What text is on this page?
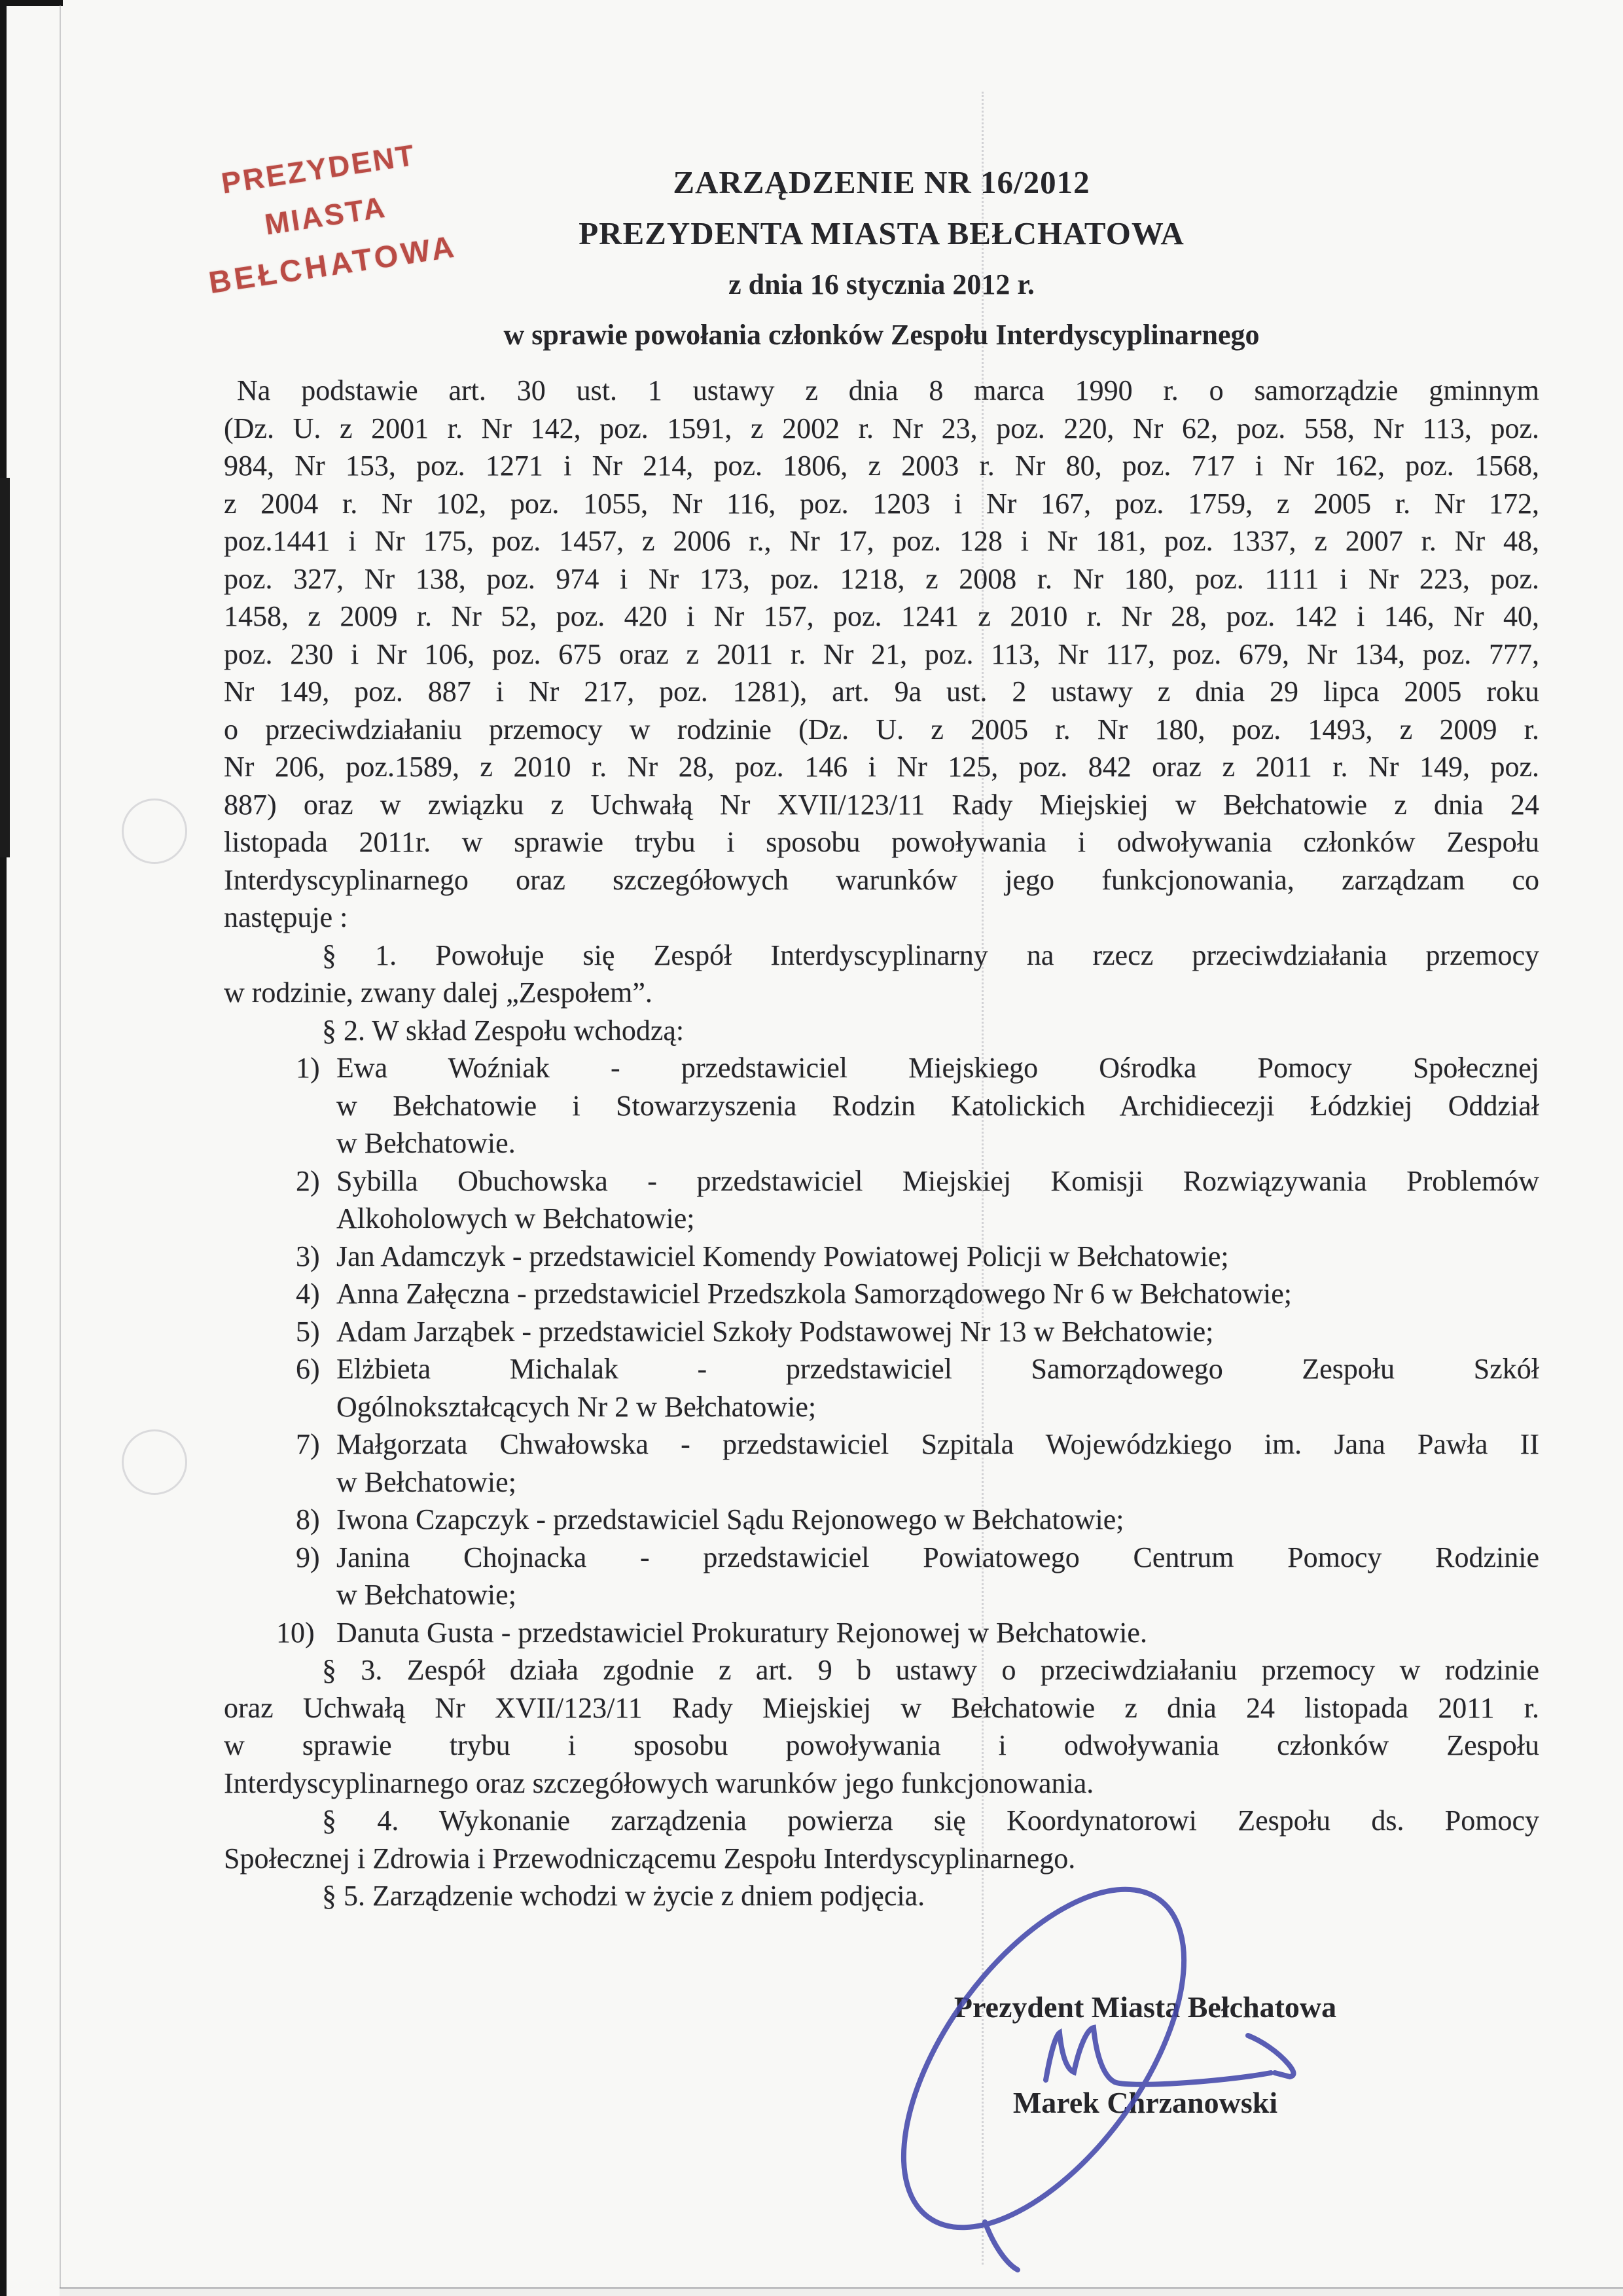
PREZYDENT MIASTA
BEŁCHATOWA
ZARZĄDZENIE NR 16/2012
PREZYDENTA MIASTA BEŁCHATOWA
z dnia 16 stycznia 2012 r.
w sprawie powołania członków Zespołu Interdyscyplinarnego
Na podstawie art. 30 ust. 1 ustawy z dnia 8 marca 1990 r. o samorządzie gminnym
(Dz. U. z 2001 r. Nr 142, poz. 1591, z 2002 r. Nr 23, poz. 220, Nr 62, poz. 558, Nr 113, poz.
984, Nr 153, poz. 1271 i Nr 214, poz. 1806, z 2003 r. Nr 80, poz. 717 i Nr 162, poz. 1568,
z 2004 r. Nr 102, poz. 1055, Nr 116, poz. 1203 i Nr 167, poz. 1759, z 2005 r. Nr 172,
poz.1441 i Nr 175, poz. 1457, z 2006 r., Nr 17, poz. 128 i Nr 181, poz. 1337, z 2007 r. Nr 48,
poz. 327, Nr 138, poz. 974 i Nr 173, poz. 1218, z 2008 r. Nr 180, poz. 1111 i Nr 223, poz.
1458, z 2009 r. Nr 52, poz. 420 i Nr 157, poz. 1241 z 2010 r. Nr 28, poz. 142 i 146, Nr 40,
poz. 230 i Nr 106, poz. 675 oraz z 2011 r. Nr 21, poz. 113, Nr 117, poz. 679, Nr 134, poz. 777,
Nr 149, poz. 887 i Nr 217, poz. 1281), art. 9a ust. 2 ustawy z dnia 29 lipca 2005 roku
o przeciwdziałaniu przemocy w rodzinie (Dz. U. z 2005 r. Nr 180, poz. 1493, z 2009 r.
Nr 206, poz.1589, z 2010 r. Nr 28, poz. 146 i Nr 125, poz. 842 oraz z 2011 r. Nr 149, poz.
887) oraz w związku z Uchwałą Nr XVII/123/11 Rady Miejskiej w Bełchatowie z dnia 24
listopada 2011r. w sprawie trybu i sposobu powoływania i odwoływania członków Zespołu
Interdyscyplinarnego oraz szczegółowych warunków jego funkcjonowania, zarządzam co
następuje :
§ 1. Powołuje się Zespół Interdyscyplinarny na rzecz przeciwdziałania przemocy
w rodzinie, zwany dalej „Zespołem”.
§ 2. W skład Zespołu wchodzą:
1) Ewa Woźniak - przedstawiciel Miejskiego Ośrodka Pomocy Społecznej
w Bełchatowie i Stowarzyszenia Rodzin Katolickich Archidiecezji Łódzkiej Oddział
w Bełchatowie.
2) Sybilla Obuchowska - przedstawiciel Miejskiej Komisji Rozwiązywania Problemów
Alkoholowych w Bełchatowie;
3) Jan Adamczyk - przedstawiciel Komendy Powiatowej Policji w Bełchatowie;
4) Anna Załęczna - przedstawiciel Przedszkola Samorządowego Nr 6 w Bełchatowie;
5) Adam Jarząbek - przedstawiciel Szkoły Podstawowej Nr 13 w Bełchatowie;
6) Elżbieta Michalak - przedstawiciel Samorządowego Zespołu Szkół
Ogólnokształcących Nr 2 w Bełchatowie;
7) Małgorzata Chwałowska - przedstawiciel Szpitala Wojewódzkiego im. Jana Pawła II
w Bełchatowie;
8) Iwona Czapczyk - przedstawiciel Sądu Rejonowego w Bełchatowie;
9) Janina Chojnacka - przedstawiciel Powiatowego Centrum Pomocy Rodzinie
w Bełchatowie;
10) Danuta Gusta - przedstawiciel Prokuratury Rejonowej w Bełchatowie.
§ 3. Zespół działa zgodnie z art. 9 b ustawy o przeciwdziałaniu przemocy w rodzinie
oraz Uchwałą Nr XVII/123/11 Rady Miejskiej w Bełchatowie z dnia 24 listopada 2011 r.
w sprawie trybu i sposobu powoływania i odwoływania członków Zespołu
Interdyscyplinarnego oraz szczegółowych warunków jego funkcjonowania.
§ 4. Wykonanie zarządzenia powierza się Koordynatorowi Zespołu ds. Pomocy
Społecznej i Zdrowia i Przewodniczącemu Zespołu Interdyscyplinarnego.
§ 5. Zarządzenie wchodzi w życie z dniem podjęcia.
Prezydent Miasta Bełchatowa
Marek Chrzanowski
